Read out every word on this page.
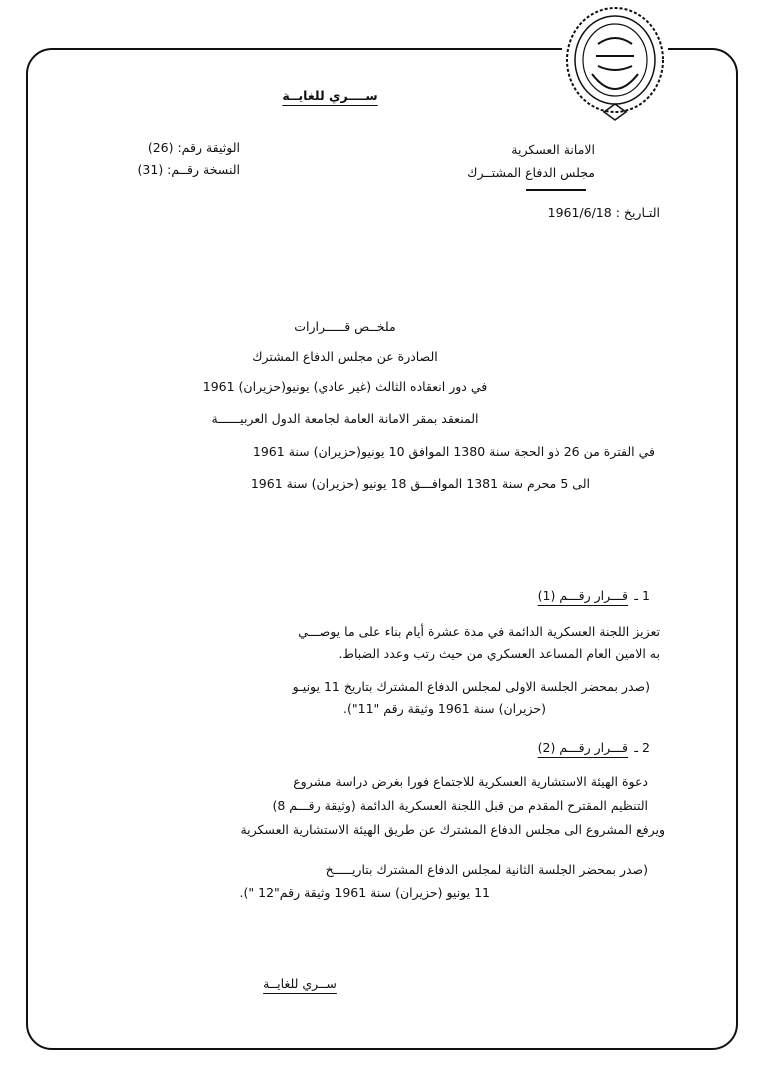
ســــري للغايــة
الوثيقة رقم: (26)
النسخة رقــم: (31)
الامانة العسكرية
مجلس الدفاع المشتــرك
التـاريخ : 1961/6/18
ملخــص قـــــرارات
الصادرة عن مجلس الدفاع المشترك
في دور انعقاده الثالث (غير عادي) يونيو(حزيران) 1961
المنعقد بمقر الامانة العامة لجامعة الدول العربيــــــة
في الفترة من 26 ذو الحجة سنة 1380 الموافق 10 يونيو(حزيران) سنة 1961
الى 5 محرم سنة 1381 الموافـــق 18 يونيو (حزيران) سنة 1961
1 ـ
قـــرار رقـــم (1)
تعزيز اللجنة العسكرية الدائمة في مدة عشرة أيام بناء على ما يوصـــي
به الامين العام المساعد العسكري من حيث رتب وعدد الضباط.
(صدر بمحضر الجلسة الاولى لمجلس الدفاع المشترك بتاريخ 11 يونيـو
(حزيران) سنة 1961 وثيقة رقم "11").
2 ـ
قـــرار رقـــم (2)
دعوة الهيئة الاستشارية العسكرية للاجتماع فورا بغرض دراسة مشروع
التنظيم المقترح المقدم من قبل اللجنة العسكرية الدائمة (وثيقة رقـــم 8)
ويرفع المشروع الى مجلس الدفاع المشترك عن طريق الهيئة الاستشارية العسكرية
(صدر بمحضر الجلسة الثانية لمجلس الدفاع المشترك بتاريـــــخ
11 يونيو (حزيران) سنة 1961 وثيقة رقم"12 ").
ســري للغايــة
